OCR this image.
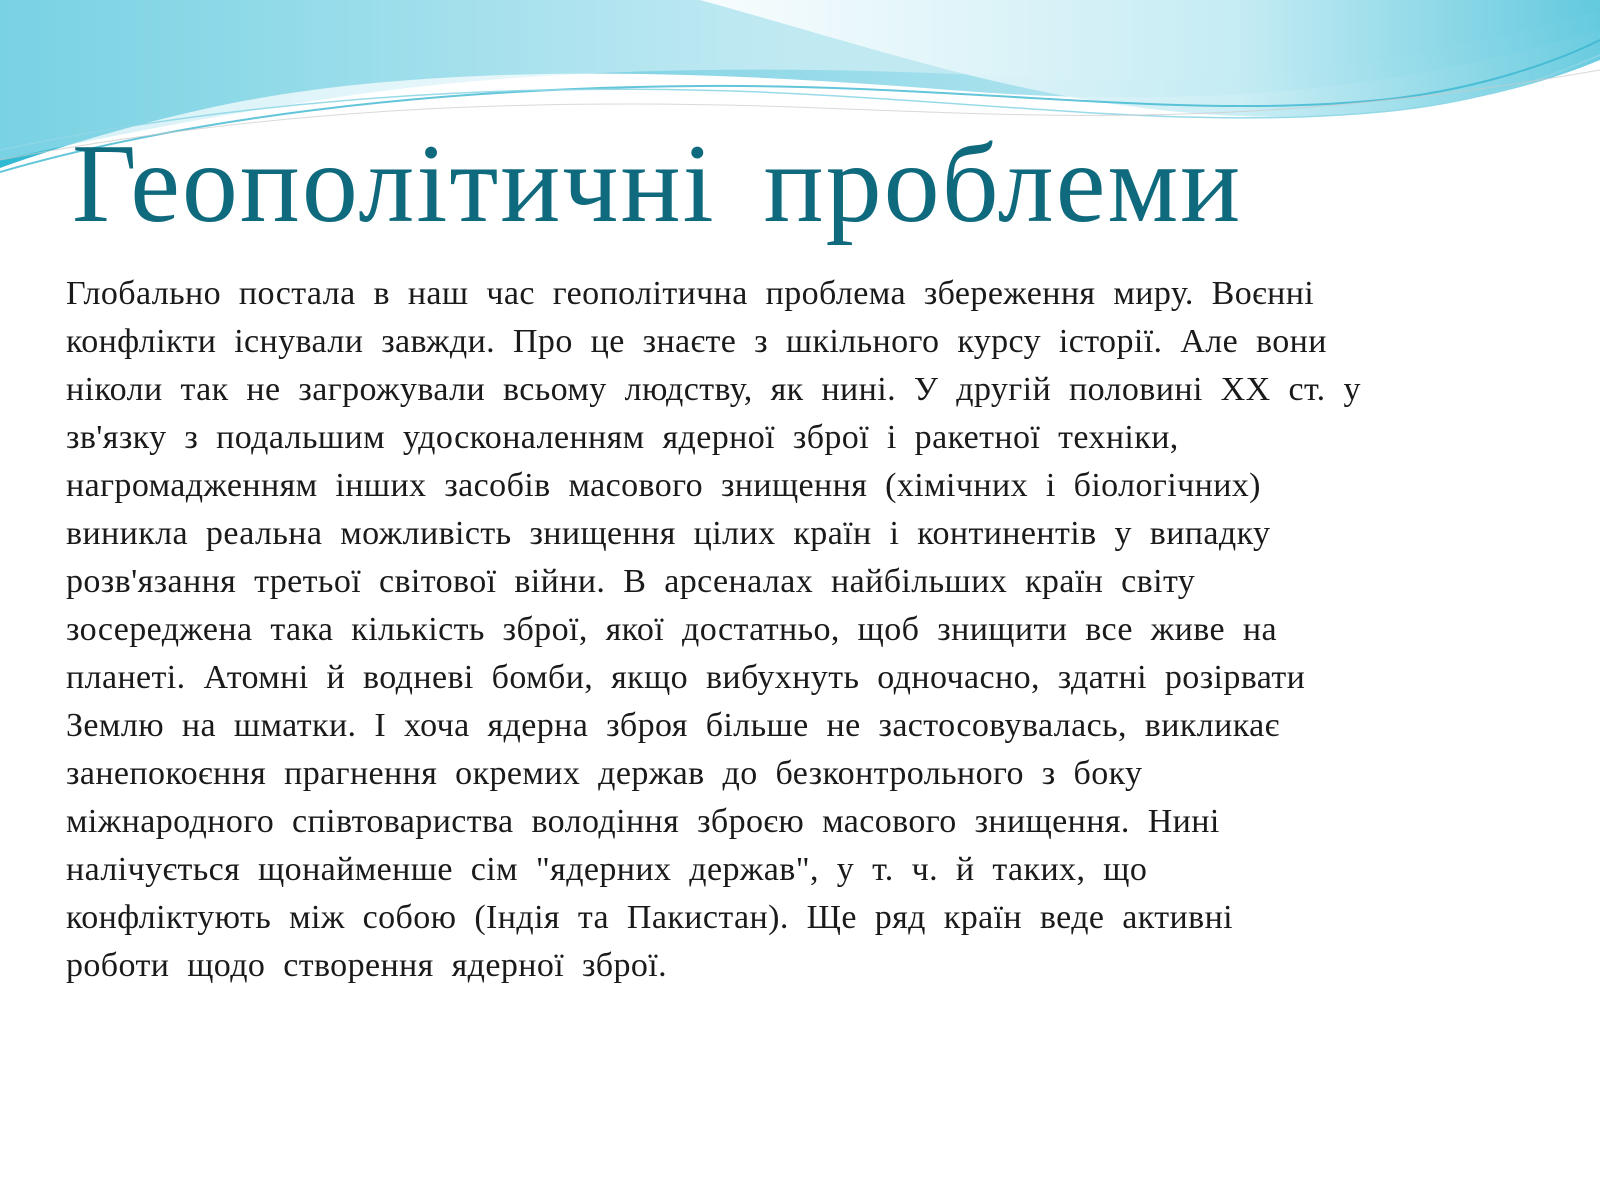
Геополітичні проблеми
Глобально постала в наш час геополітична проблема збереження миру. Воєнні
конфлікти існували завжди. Про це знаєте з шкільного курсу історії. Але вони
ніколи так не загрожували всьому людству, як нині. У другій половині XX ст. у
зв'язку з подальшим удосконаленням ядерної зброї і ракетної техніки,
нагромадженням інших засобів масового знищення (хімічних і біологічних)
виникла реальна можливість знищення цілих країн і континентів у випадку
розв'язання третьої світової війни. В арсеналах найбільших країн світу
зосереджена така кількість зброї, якої достатньо, щоб знищити все живе на
планеті. Атомні й водневі бомби, якщо вибухнуть одночасно, здатні розірвати
Землю на шматки. І хоча ядерна зброя більше не застосовувалась, викликає
занепокоєння прагнення окремих держав до безконтрольного з боку
міжнародного співтовариства володіння зброєю масового знищення. Нині
налічується щонайменше сім "ядерних держав", у т. ч. й таких, що
конфліктують між собою (Індія та Пакистан). Ще ряд країн веде активні
роботи щодо створення ядерної зброї.
